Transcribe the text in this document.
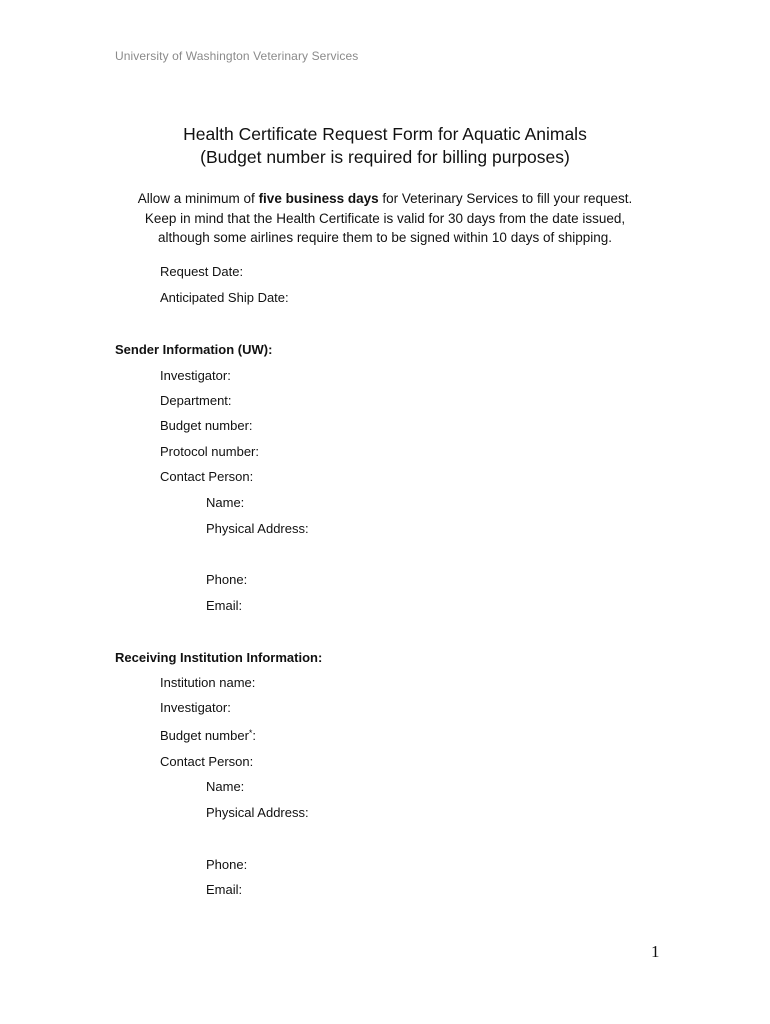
University of Washington Veterinary Services
Health Certificate Request Form for Aquatic Animals
(Budget number is required for billing purposes)
Allow a minimum of five business days for Veterinary Services to fill your request.
Keep in mind that the Health Certificate is valid for 30 days from the date issued,
although some airlines require them to be signed within 10 days of shipping.
Request Date:
Anticipated Ship Date:
Sender Information (UW):
Investigator:
Department:
Budget number:
Protocol number:
Contact Person:
Name:
Physical Address:
Phone:
Email:
Receiving Institution Information:
Institution name:
Investigator:
Budget number*:
Contact Person:
Name:
Physical Address:
Phone:
Email:
1
